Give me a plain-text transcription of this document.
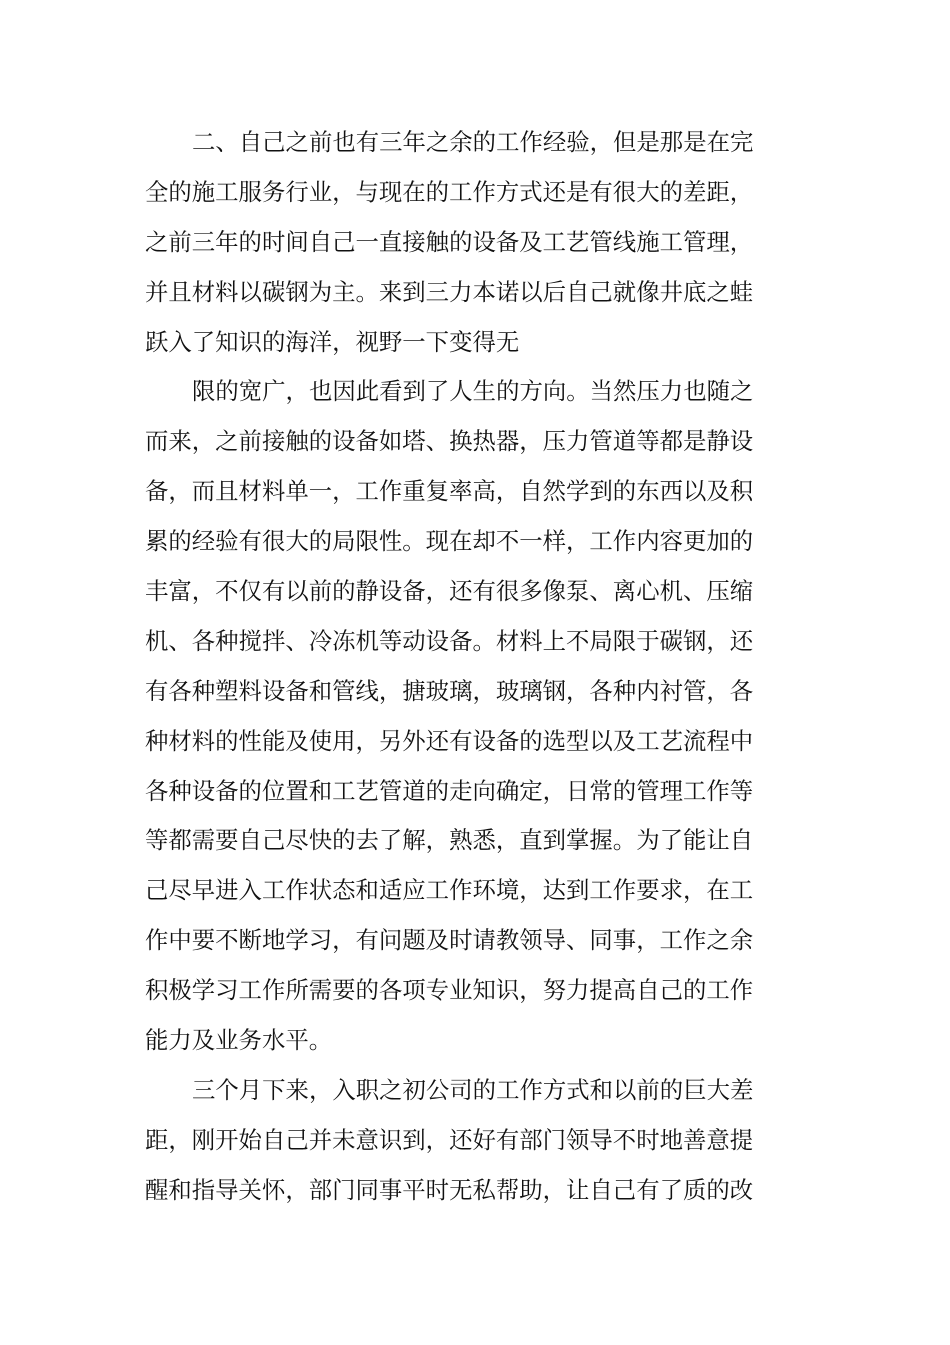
二、自己之前也有三年之余的工作经验，但是那是在完
全的施工服务行业，与现在的工作方式还是有很大的差距，
之前三年的时间自己一直接触的设备及工艺管线施工管理，
并且材料以碳钢为主。来到三力本诺以后自己就像井底之蛙
跃入了知识的海洋，视野一下变得无
限的宽广，也因此看到了人生的方向。当然压力也随之
而来，之前接触的设备如塔、换热器，压力管道等都是静设
备，而且材料单一，工作重复率高，自然学到的东西以及积
累的经验有很大的局限性。现在却不一样，工作内容更加的
丰富，不仅有以前的静设备，还有很多像泵、离心机、压缩
机、各种搅拌、冷冻机等动设备。材料上不局限于碳钢，还
有各种塑料设备和管线，搪玻璃，玻璃钢，各种内衬管，各
种材料的性能及使用，另外还有设备的选型以及工艺流程中
各种设备的位置和工艺管道的走向确定，日常的管理工作等
等都需要自己尽快的去了解，熟悉，直到掌握。为了能让自
己尽早进入工作状态和适应工作环境，达到工作要求，在工
作中要不断地学习，有问题及时请教领导、同事，工作之余
积极学习工作所需要的各项专业知识，努力提高自己的工作
能力及业务水平。
三个月下来，入职之初公司的工作方式和以前的巨大差
距，刚开始自己并未意识到，还好有部门领导不时地善意提
醒和指导关怀，部门同事平时无私帮助，让自己有了质的改
